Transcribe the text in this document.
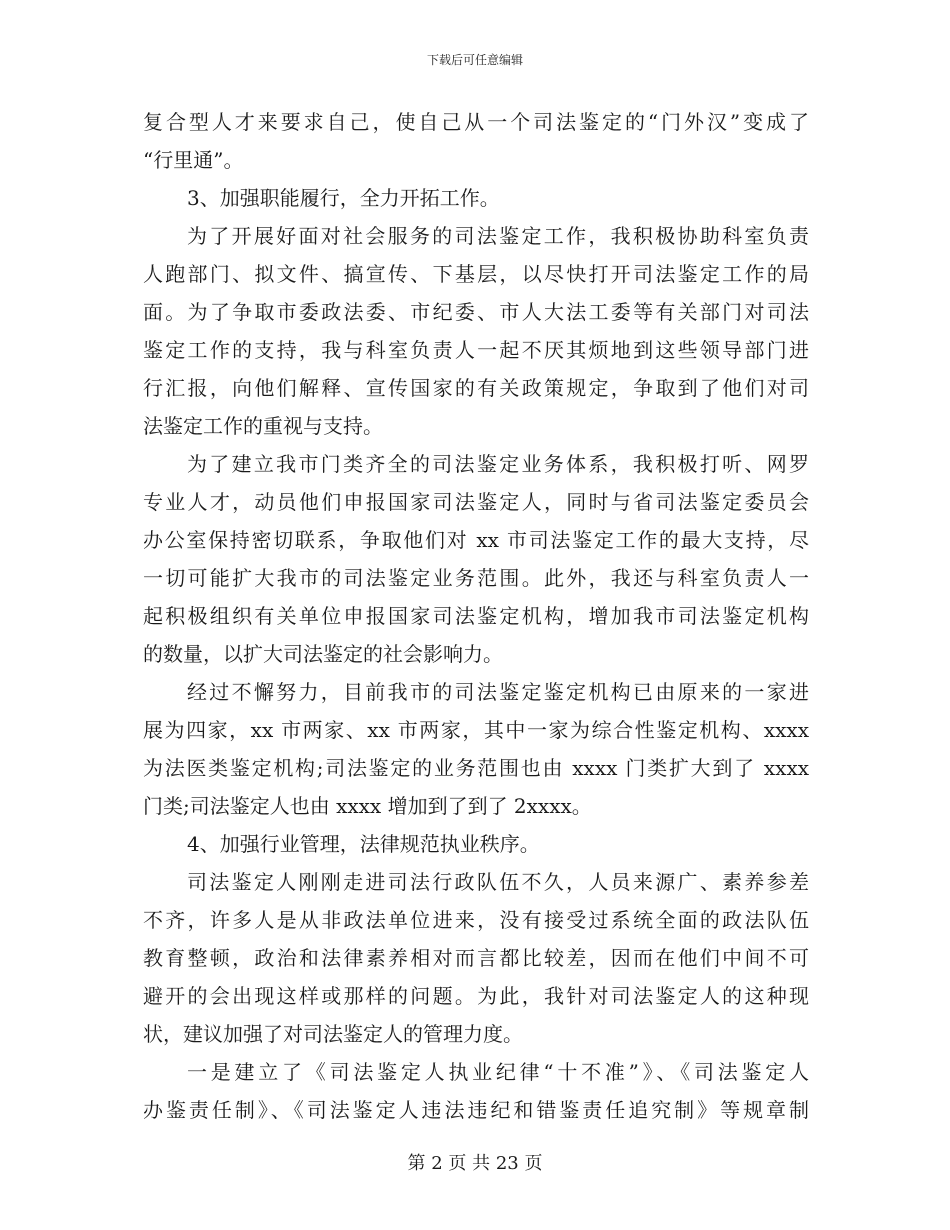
下载后可任意编辑
复合型人才来要求自己，使自己从一个司法鉴定的“门外汉”变成了
“行里通”。
3、加强职能履行，全力开拓工作。
为了开展好面对社会服务的司法鉴定工作，我积极协助科室负责
人跑部门、拟文件、搞宣传、下基层，以尽快打开司法鉴定工作的局
面。为了争取市委政法委、市纪委、市人大法工委等有关部门对司法
鉴定工作的支持，我与科室负责人一起不厌其烦地到这些领导部门进
行汇报，向他们解释、宣传国家的有关政策规定，争取到了他们对司
法鉴定工作的重视与支持。
为了建立我市门类齐全的司法鉴定业务体系，我积极打听、网罗
专业人才，动员他们申报国家司法鉴定人，同时与省司法鉴定委员会
办公室保持密切联系，争取他们对 xx 市司法鉴定工作的最大支持，尽
一切可能扩大我市的司法鉴定业务范围。此外，我还与科室负责人一
起积极组织有关单位申报国家司法鉴定机构，增加我市司法鉴定机构
的数量，以扩大司法鉴定的社会影响力。
经过不懈努力，目前我市的司法鉴定鉴定机构已由原来的一家进
展为四家，xx 市两家、xx 市两家，其中一家为综合性鉴定机构、xxxx
为法医类鉴定机构;司法鉴定的业务范围也由 xxxx 门类扩大到了 xxxx
门类;司法鉴定人也由 xxxx 增加到了到了 2xxxx。
4、加强行业管理，法律规范执业秩序。
司法鉴定人刚刚走进司法行政队伍不久，人员来源广、素养参差
不齐，许多人是从非政法单位进来，没有接受过系统全面的政法队伍
教育整顿，政治和法律素养相对而言都比较差，因而在他们中间不可
避开的会出现这样或那样的问题。为此，我针对司法鉴定人的这种现
状，建议加强了对司法鉴定人的管理力度。
一是建立了《司法鉴定人执业纪律“十不准”》、《司法鉴定人
办鉴责任制》、《司法鉴定人违法违纪和错鉴责任追究制》等规章制
第 2 页 共 23 页
